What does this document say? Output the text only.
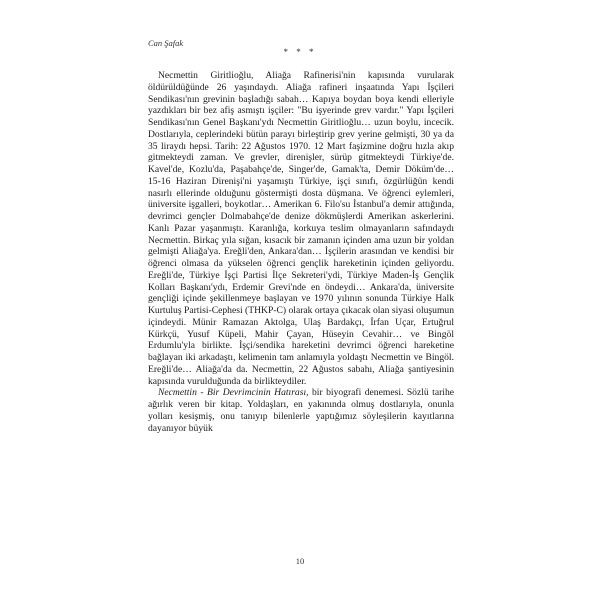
Can Şafak
* * *

Necmettin Giritlioğlu, Aliağa Rafinerisi'nin kapısında vurularak öldürüldüğünde 26 yaşındaydı. Aliağa rafineri inşaatında Yapı İşçileri Sendikası'nın grevinin başladığı sabah… Kapıya boydan boya kendi elleriyle yazdıkları bir bez afiş asmıştı işçiler: "Bu işyerinde grev vardır." Yapı İşçileri Sendikası'nın Genel Başkanı'ydı Necmettin Giritlioğlu… uzun boylu, incecik. Dostlarıyla, ceplerindeki bütün parayı birleştirip grev yerine gelmişti, 30 ya da 35 liraydı hepsi. Tarih: 22 Ağustos 1970. 12 Mart faşizmine doğru hızla akıp gitmekteydi zaman. Ve grevler, direnişler, sürüp gitmekteydi Türkiye'de. Kavel'de, Kozlu'da, Paşabahçe'de, Singer'de, Gamak'ta, Demir Döküm'de… 15-16 Haziran Direnişi'ni yaşamıştı Türkiye, işçi sınıfı, özgürlüğün kendi nasırlı ellerinde olduğunu göstermişti dosta düşmana. Ve öğrenci eylemleri, üniversite işgalleri, boykotlar… Amerikan 6. Filo'su İstanbul'a demir attığında, devrimci gençler Dolmabahçe'de denize dökmüşlerdi Amerikan askerlerini. Kanlı Pazar yaşanmıştı. Karanlığa, korkuya teslim olmayanların safındaydı Necmettin. Birkaç yıla sığan, kısacık bir zamanın içinden ama uzun bir yoldan gelmişti Aliağa'ya. Ereğli'den, Ankara'dan… İşçilerin arasından ve kendisi bir öğrenci olmasa da yükselen öğrenci gençlik hareketinin içinden geliyordu. Ereğli'de, Türkiye İşçi Partisi İlçe Sekreteri'ydi, Türkiye Maden-İş Gençlik Kolları Başkanı'ydı, Erdemir Grevi'nde en öndeydi… Ankara'da, üniversite gençliği içinde şekillenmeye başlayan ve 1970 yılının sonunda Türkiye Halk Kurtuluş Partisi-Cephesi (THKP-C) olarak ortaya çıkacak olan siyasi oluşumun içindeydi. Münir Ramazan Aktolga, Ulaş Bardakçı, İrfan Uçar, Ertuğrul Kürkçü, Yusuf Küpeli, Mahir Çayan, Hüseyin Cevahir… ve Bingöl Erdumlu'yla birlikte. İşçi/sendika hareketini devrimci öğrenci hareketine bağlayan iki arkadaştı, kelimenin tam anlamıyla yoldaştı Necmettin ve Bingöl. Ereğli'de… Aliağa'da da. Necmettin, 22 Ağustos sabahı, Aliağa şantiyesinin kapısında vurulduğunda da birlikteydiler.

Necmettin - Bir Devrimcinin Hatırası, bir biyografi denemesi. Sözlü tarihe ağırlık veren bir kitap. Yoldaşları, en yakınında olmuş dostlarıyla, onunla yolları kesişmiş, onu tanıyıp bilenlerle yaptığımız söyleşilerin kayıtlarına dayanıyor büyük

10
